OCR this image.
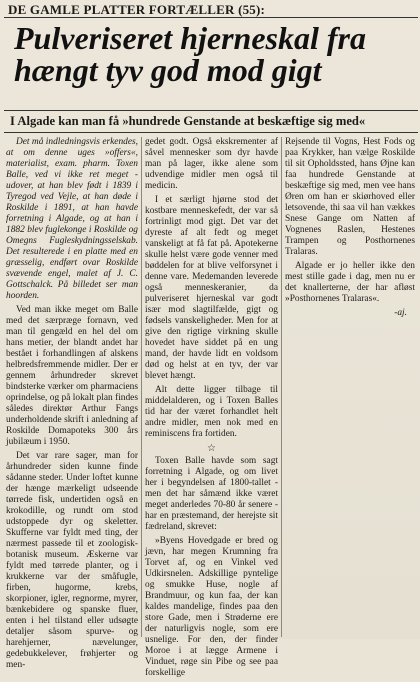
DE GAMLE PLATTER FORTÆLLER (55):
Pulveriseret hjerneskal fra hængt tyv god mod gigt
I Algade kan man få »hundrede Genstande at beskæftige sig med«

Det må indledningsvis erkendes, at om denne uges »offers«, materialist, exam. pharm. Toxen Balle, ved vi ikke ret meget - udover, at han blev født i 1839 i Tyregod ved Vejle, at han døde i Roskilde i 1891, at han havde forretning i Algade, og at han i 1882 blev fuglekonge i Roskilde og Omegns Fugleskydningsselskab. Det resulterede i en platte med en græsselig, endført ovar Roskilde svævende engel, malet af J. C. Gottschalck. På billedet ser man hoorden.

Ved man ikke meget om Balle med det særpræge fornavn, ved man til gengæld en hel del om hans metier, der blandt andet har bestået i forhandlingen af alskens helbredsfremmende midler. Der er gennem århundreder skrevet bindsterke værker om pharmaciens oprindelse, og på lokalt plan findes således direktør Arthur Fangs underholdende skrift i anledning af Roskilde Domapoteks 300 års jubilæum i 1950.

Det var rare sager, man for århundreder siden kunne finde sådanne steder. Under loftet kunne der hænge mærkeligt udseende tørrede fisk, undertiden også en krokodille, og rundt om stod udstoppede dyr og skeletter. Skufferne var fyldt med ting, der nærmest passede til et zoologisk-botanisk museum. Æskerne var fyldt med tørrede planter, og i krukkerne var der småfugle, firben, hugorme, krebs, skorpioner, igler, regnorme, myrer, bænkebidere og spanske fluer, enten i hel tilstand eller udsøgte detaljer såsom spurve- og harehjerner, nævelunger, gedebukkelever, frøhjerter og men-

gedet godt. Også ekskrementer af såvel mennesker som dyr havde man på lager, ikke alene som udvendige midler men også til medicin.

I et særligt hjørne stod det kostbare menneskefedt, der var så fortrinligt mod gigt. Det var det dyreste af alt fedt og meget vanskeligt at få fat på. Apotekerne skulle helst være gode venner med bøddelen for at blive velforsynet i denne vare. Medemanden leverede også menneskeranier, da pulveriseret hjerneskal var godt især mod slagtilfælde, gigt og fødsels vanskeligheder. Men for at give den rigtige virkning skulle hovedet have siddet på en ung mand, der havde lidt en voldsom død og helst at en tyv, der var blevet hængt.

Alt dette ligger tilbage til middelalderen, og i Toxen Balles tid har der været forhandlet helt andre midler, men nok med en reminiscens fra fortiden.

☆

Toxen Balle havde som sagt forretning i Algade, og om livet her i begyndelsen af 1800-tallet - men det har såmænd ikke været meget anderledes 70-80 år senere - har en præstemand, der herejste sit fædreland, skrevet:

»Byens Hovedgade er bred og jævn, har megen Krumning fra Torvet af, og en Vinkel ved Udkirsnelen. Adskillige pyntelige og smukke Huse, nogle af Brandmuur, og kun faa, der kan kaldes mandelige, findes paa den store Gade, men i Strøderne ere der naturligvis nogle, som ere usnelige. For den, der finder Moroe i at lægge Armene i Vinduet, røge sin Pibe og see paa forskellige

Rejsende til Vogns, Hest Fods og paa Krykker, han vælge Roskilde til sit Opholdssted, hans Øjne kan faa hundrede Genstande at beskæftige sig med, men vee hans Øren om han er skiørhoved eller letsovende, thi saa vil han vækkes Snese Gange om Natten af Vognenes Raslen, Hestenes Trampen og Posthornenes Tralaras.

Algade er jo heller ikke den mest stille gade i dag, men nu er det knallerterne, der har afløst »Posthornenes Tralaras«.

-aj.
